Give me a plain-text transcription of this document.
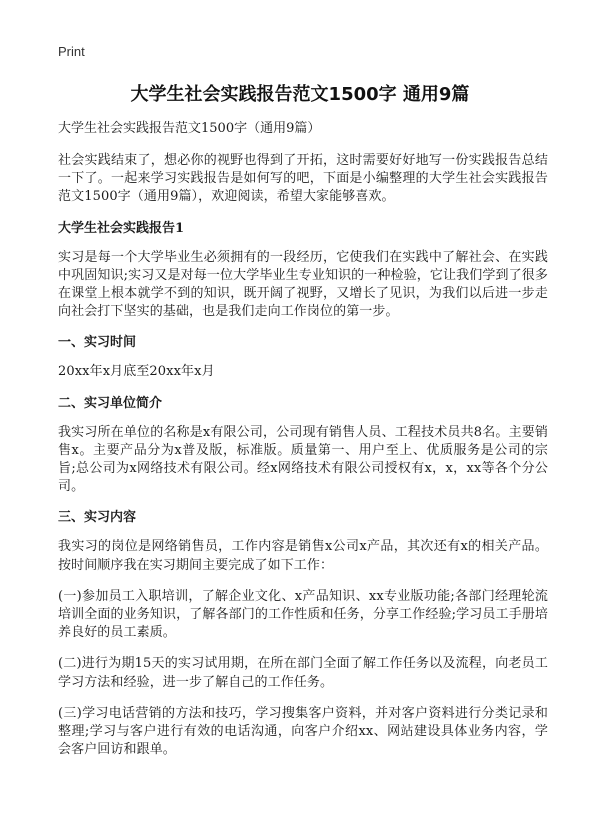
Print
大学生社会实践报告范文1500字 通用9篇
大学生社会实践报告范文1500字（通用9篇）

社会实践结束了，想必你的视野也得到了开拓，这时需要好好地写一份实践报告总结一下了。一起来学习实践报告是如何写的吧，下面是小编整理的大学生社会实践报告范文1500字（通用9篇），欢迎阅读，希望大家能够喜欢。

大学生社会实践报告1

实习是每一个大学毕业生必须拥有的一段经历，它使我们在实践中了解社会、在实践中巩固知识;实习又是对每一位大学毕业生专业知识的一种检验，它让我们学到了很多在课堂上根本就学不到的知识，既开阔了视野，又增长了见识，为我们以后进一步走向社会打下坚实的基础，也是我们走向工作岗位的第一步。

一、实习时间

20xx年x月底至20xx年x月

二、实习单位简介

我实习所在单位的名称是x有限公司，公司现有销售人员、工程技术员共8名。主要销售x。主要产品分为x普及版，标准版。质量第一、用户至上、优质服务是公司的宗旨;总公司为x网络技术有限公司。经x网络技术有限公司授权有x，x，xx等各个分公司。

三、实习内容

我实习的岗位是网络销售员，工作内容是销售x公司x产品，其次还有x的相关产品。按时间顺序我在实习期间主要完成了如下工作：

(一)参加员工入职培训，了解企业文化、x产品知识、xx专业版功能;各部门经理轮流培训全面的业务知识，了解各部门的工作性质和任务，分享工作经验;学习员工手册培养良好的员工素质。

(二)进行为期15天的实习试用期，在所在部门全面了解工作任务以及流程，向老员工学习方法和经验，进一步了解自己的工作任务。

(三)学习电话营销的方法和技巧，学习搜集客户资料，并对客户资料进行分类记录和整理;学习与客户进行有效的电话沟通，向客户介绍xx、网站建设具体业务内容，学会客户回访和跟单。
